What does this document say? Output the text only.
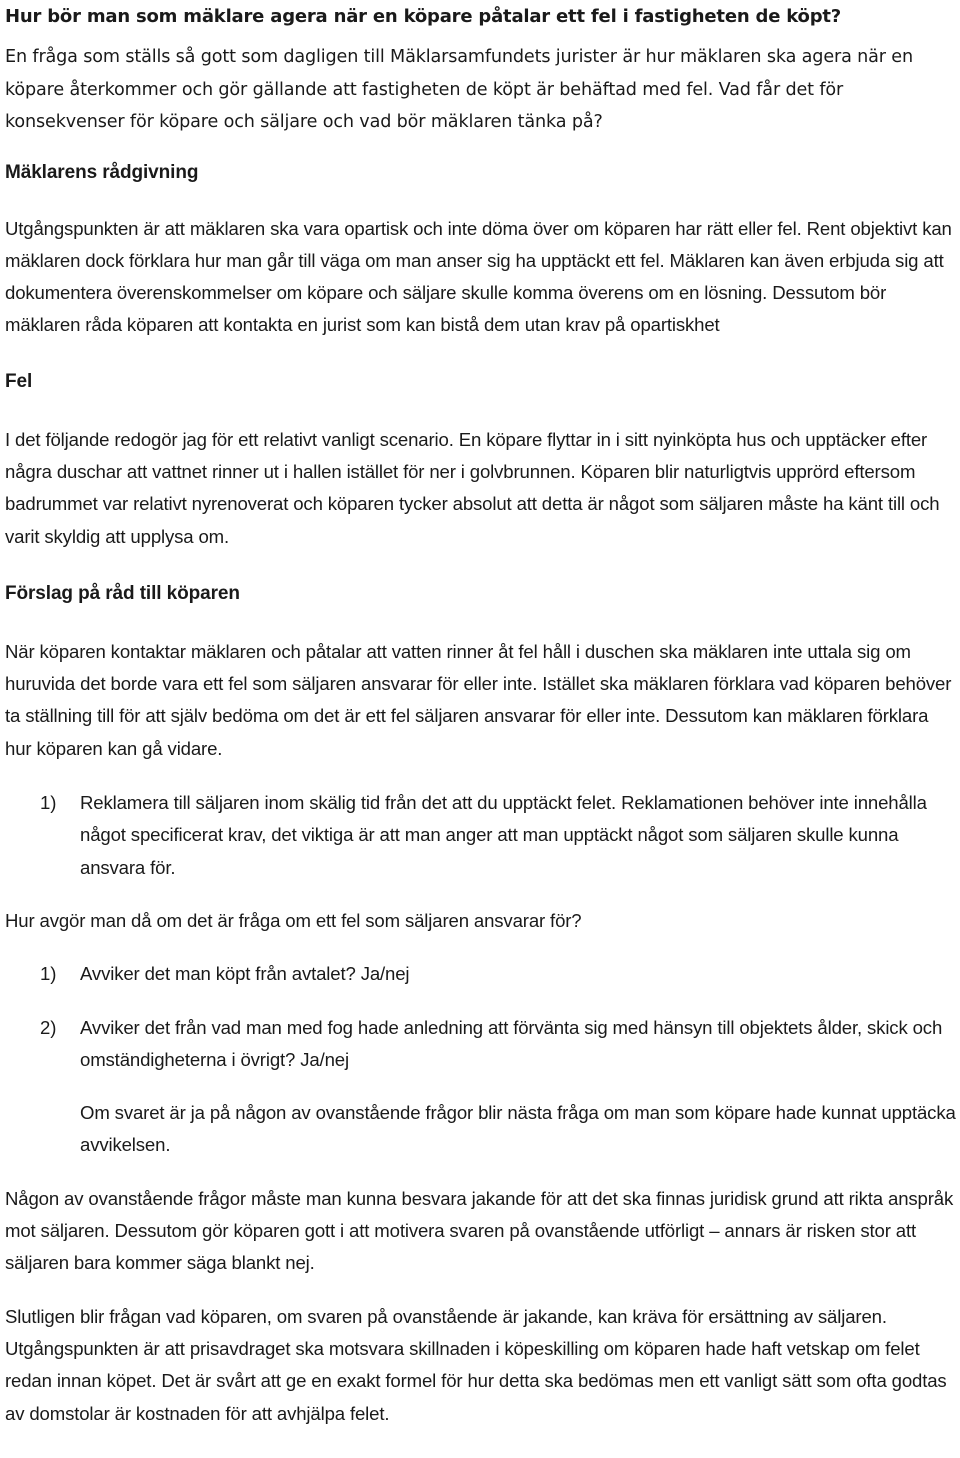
Hur bör man som mäklare agera när en köpare påtalar ett fel i fastigheten de köpt?

En fråga som ställs så gott som dagligen till Mäklarsamfundets jurister är hur mäklaren ska agera när en köpare återkommer och gör gällande att fastigheten de köpt är behäftad med fel. Vad får det för konsekvenser för köpare och säljare och vad bör mäklaren tänka på?

Mäklarens rådgivning

Utgångspunkten är att mäklaren ska vara opartisk och inte döma över om köparen har rätt eller fel. Rent objektivt kan mäklaren dock förklara hur man går till väga om man anser sig ha upptäckt ett fel. Mäklaren kan även erbjuda sig att dokumentera överenskommelser om köpare och säljare skulle komma överens om en lösning. Dessutom bör mäklaren råda köparen att kontakta en jurist som kan bistå dem utan krav på opartiskhet

Fel

I det följande redogör jag för ett relativt vanligt scenario. En köpare flyttar in i sitt nyinköpta hus och upptäcker efter några duschar att vattnet rinner ut i hallen istället för ner i golvbrunnen. Köparen blir naturligtvis upprörd eftersom badrummet var relativt nyrenoverat och köparen tycker absolut att detta är något som säljaren måste ha känt till och varit skyldig att upplysa om.

Förslag på råd till köparen

När köparen kontaktar mäklaren och påtalar att vatten rinner åt fel håll i duschen ska mäklaren inte uttala sig om huruvida det borde vara ett fel som säljaren ansvarar för eller inte. Istället ska mäklaren förklara vad köparen behöver ta ställning till för att själv bedöma om det är ett fel säljaren ansvarar för eller inte. Dessutom kan mäklaren förklara hur köparen kan gå vidare.

1) Reklamera till säljaren inom skälig tid från det att du upptäckt felet. Reklamationen behöver inte innehålla något specificerat krav, det viktiga är att man anger att man upptäckt något som säljaren skulle kunna ansvara för.

Hur avgör man då om det är fråga om ett fel som säljaren ansvarar för?

1) Avviker det man köpt från avtalet? Ja/nej
2) Avviker det från vad man med fog hade anledning att förvänta sig med hänsyn till objektets ålder, skick och omständigheterna i övrigt? Ja/nej

Om svaret är ja på någon av ovanstående frågor blir nästa fråga om man som köpare hade kunnat upptäcka avvikelsen.

Någon av ovanstående frågor måste man kunna besvara jakande för att det ska finnas juridisk grund att rikta anspråk mot säljaren. Dessutom gör köparen gott i att motivera svaren på ovanstående utförligt – annars är risken stor att säljaren bara kommer säga blankt nej.

Slutligen blir frågan vad köparen, om svaren på ovanstående är jakande, kan kräva för ersättning av säljaren. Utgångspunkten är att prisavdraget ska motsvara skillnaden i köpeskilling om köparen hade haft vetskap om felet redan innan köpet. Det är svårt att ge en exakt formel för hur detta ska bedömas men ett vanligt sätt som ofta godtas av domstolar är kostnaden för att avhjälpa felet.
